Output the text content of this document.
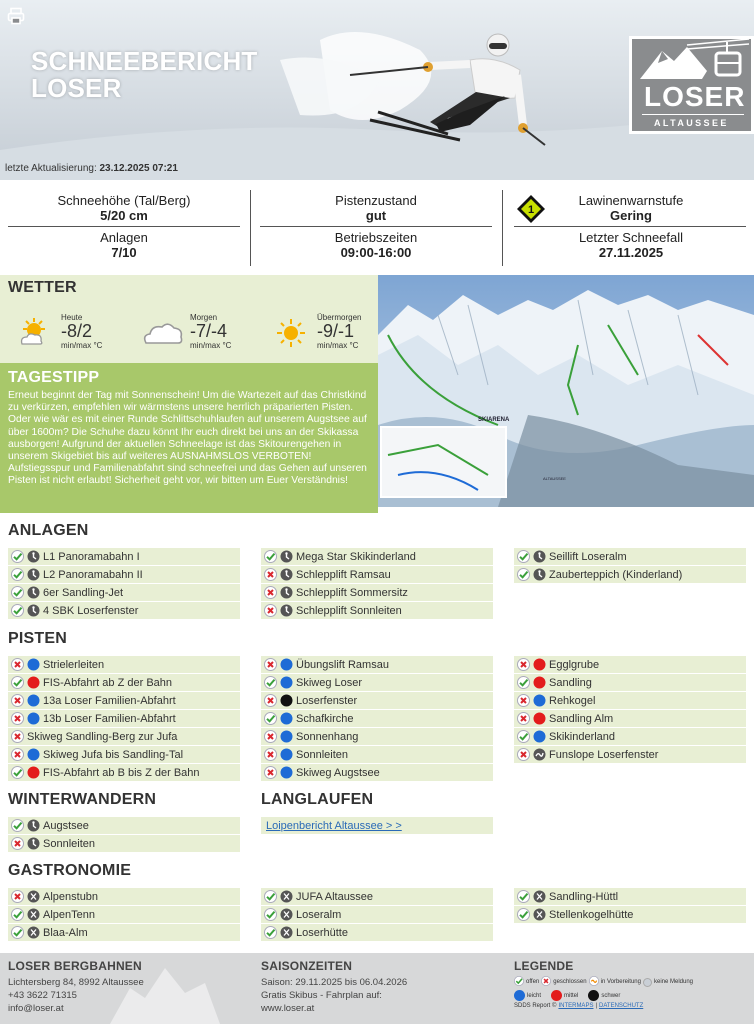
SCHNEEBERICHT
LOSER	LOSER
ALTAUSSEE
letzte Aktualisierung: 23.12.2025 07:21
Schneehöhe (Tal/Berg)
5/20 cm
Pistenzustand
gut
Lawinenwarnstufe
Gering
1
Anlagen
7/10
Betriebszeiten
09:00-16:00
Letzter Schneefall
27.11.2025
WETTER
Heute
-8/2
min/max °C
Morgen
-7/-4
min/max °C
Übermorgen
-9/-1
min/max °C
TAGESTIPP

Erneut beginnt der Tag mit Sonnenschein! Um die Wartezeit auf das Christkind zu verkürzen, empfehlen wir wärmstens unsere herrlich präparierten Pisten. Oder wie wär es mit einer Runde Schlittschuhlaufen auf unserem Augstsee auf über 1600m? Die Schuhe dazu könnt Ihr euch direkt bei uns an der Skikassa ausborgen! Aufgrund der aktuellen Schneelage ist das Skitourengehen in unserem Skigebiet bis auf weiteres AUSNAHMSLOS VERBOTEN! Aufstiegsspur und Familienabfahrt sind schneefrei und das Gehen auf unseren Pisten ist nicht erlaubt! Sicherheit geht vor, wir bitten um Euer Verständnis!

SKIARENA
ALTAUSSEE
ANLAGEN
PISTEN
WINTERWANDERN	LANGLAUFEN
Loipenbericht Altaussee > >
GASTRONOMIE
LOSER BERGBAHNEN
Lichtersberg 84, 8992 Altaussee
+43 3622 71315
info@loser.at
SAISONZEITEN
Saison: 29.11.2025 bis 06.04.2026
Gratis Skibus - Fahrplan auf:
www.loser.at
LEGENDE
offen geschlossen in Vorbereitung keine Meldung
leicht	mittel	schwer
SDDS Report © INTERMAPS | DATENSCHUTZ
L1 Panoramabahn I
L2 Panoramabahn II
6er Sandling-Jet
4 SBK Loserfenster
Mega Star Skikinderland
Schlepplift Ramsau
Schlepplift Sommersitz
Schlepplift Sonnleiten
Seillift Loseralm
Zauberteppich (Kinderland)
Strielerleiten
FIS-Abfahrt ab Z der Bahn
13a Loser Familien-Abfahrt
13b Loser Familien-Abfahrt
Skiweg Sandling-Berg zur Jufa
Skiweg Jufa bis Sandling-Tal
FIS-Abfahrt ab B bis Z der Bahn
Übungslift Ramsau
Skiweg Loser
Loserfenster
Schafkirche
Sonnenhang
Sonnleiten
Skiweg Augstsee
Egglgrube
Sandling
Rehkogel
Sandling Alm
Skikinderland
Funslope Loserfenster
Augstsee
Sonnleiten
Alpenstubn
AlpenTenn
Blaa-Alm
JUFA Altaussee
Loseralm
Loserhütte
Sandling-Hüttl
Stellenkogelhütte
